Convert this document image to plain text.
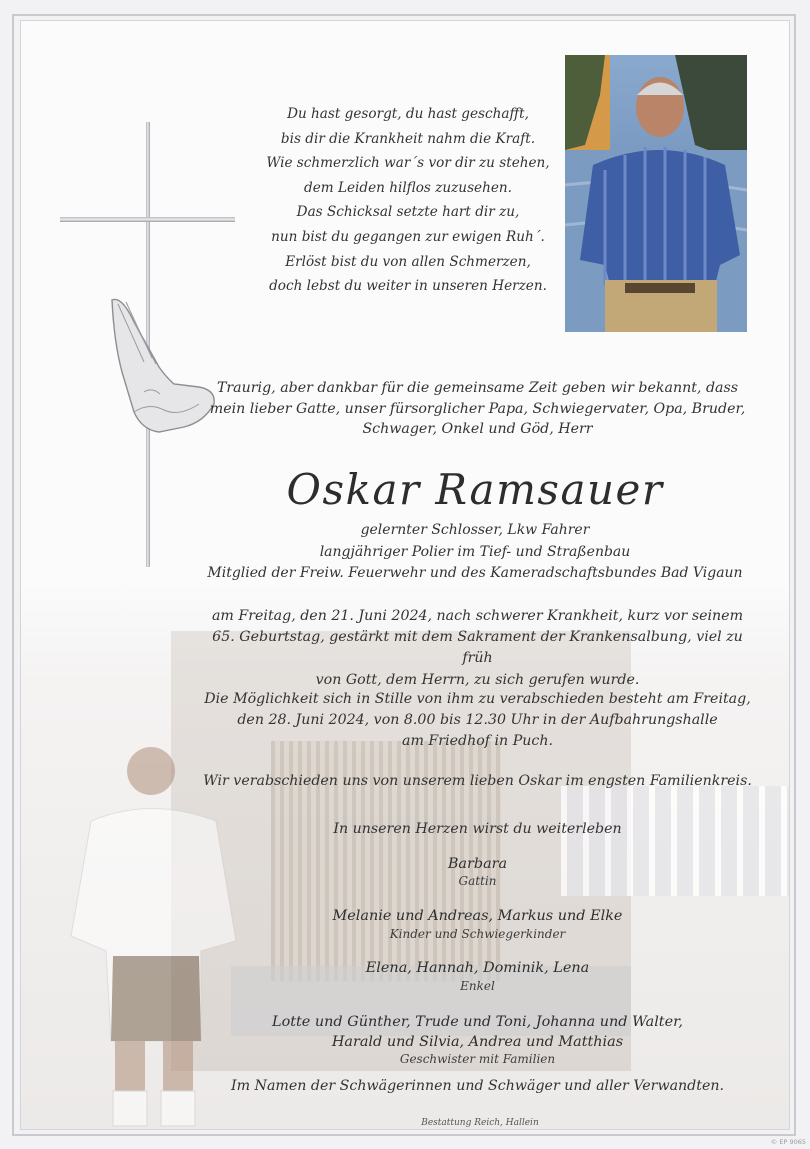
Du hast gesorgt, du hast geschafft,
bis dir die Krankheit nahm die Kraft.
Wie schmerzlich war´s vor dir zu stehen,
dem Leiden hilflos zuzusehen.
Das Schicksal setzte hart dir zu,
nun bist du gegangen zur ewigen Ruh´.
Erlöst bist du von allen Schmerzen,
doch lebst du weiter in unseren Herzen.
Traurig, aber dankbar für die gemeinsame Zeit geben wir bekannt, dass
mein lieber Gatte, unser fürsorglicher Papa, Schwiegervater, Opa, Bruder,
Schwager, Onkel und Göd, Herr
Oskar Ramsauer
gelernter Schlosser, Lkw Fahrer
langjähriger Polier im Tief- und Straßenbau
Mitglied der Freiw. Feuerwehr und des Kameradschaftsbundes Bad Vigaun
am Freitag, den 21. Juni 2024, nach schwerer Krankheit, kurz vor seinem
65. Geburtstag, gestärkt mit dem Sakrament der Krankensalbung, viel zu früh
von Gott, dem Herrn, zu sich gerufen wurde.
Die Möglichkeit sich in Stille von ihm zu verabschieden besteht am Freitag,
den 28. Juni 2024, von 8.00 bis 12.30 Uhr in der Aufbahrungshalle
am Friedhof in Puch.
Wir verabschieden uns von unserem lieben Oskar im engsten Familienkreis.
In unseren Herzen wirst du weiterleben
Barbara
Gattin
Melanie und Andreas, Markus und Elke
Kinder und Schwiegerkinder
Elena, Hannah, Dominik, Lena
Enkel
Lotte und Günther, Trude und Toni, Johanna und Walter,
Harald und Silvia, Andrea und Matthias
Geschwister mit Familien
Im Namen der Schwägerinnen und Schwäger und aller Verwandten.
Bestattung Reich, Hallein
© EP 9065
